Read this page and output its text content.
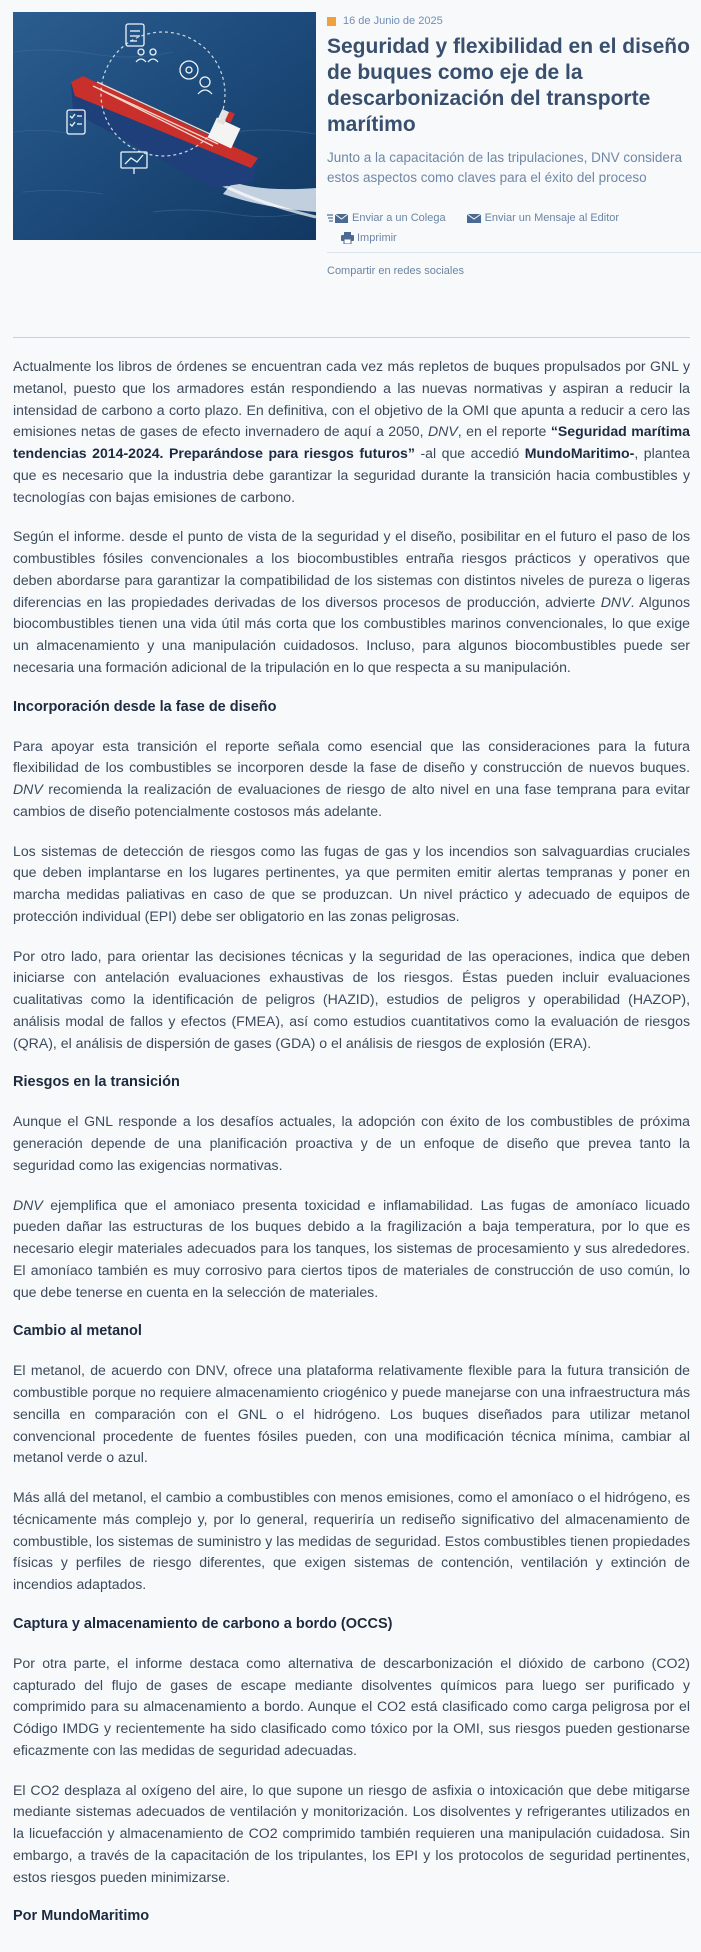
16 de Junio de 2025
Seguridad y flexibilidad en el diseño de buques como eje de la descarbonización del transporte marítimo

Junto a la capacitación de las tripulaciones, DNV considera estos aspectos como claves para el éxito del proceso

Enviar a un Colega	Enviar un Mensaje al Editor
Imprimir
Compartir en redes sociales

Actualmente los libros de órdenes se encuentran cada vez más repletos de buques propulsados por GNL y metanol, puesto que los armadores están respondiendo a las nuevas normativas y aspiran a reducir la intensidad de carbono a corto plazo. En definitiva, con el objetivo de la OMI que apunta a reducir a cero las emisiones netas de gases de efecto invernadero de aquí a 2050, DNV, en el reporte “Seguridad marítima tendencias 2014-2024. Preparándose para riesgos futuros” -al que accedió MundoMaritimo-, plantea que es necesario que la industria debe garantizar la seguridad durante la transición hacia combustibles y tecnologías con bajas emisiones de carbono.

Según el informe. desde el punto de vista de la seguridad y el diseño, posibilitar en el futuro el paso de los combustibles fósiles convencionales a los biocombustibles entraña riesgos prácticos y operativos que deben abordarse para garantizar la compatibilidad de los sistemas con distintos niveles de pureza o ligeras diferencias en las propiedades derivadas de los diversos procesos de producción, advierte DNV. Algunos biocombustibles tienen una vida útil más corta que los combustibles marinos convencionales, lo que exige un almacenamiento y una manipulación cuidadosos. Incluso, para algunos biocombustibles puede ser necesaria una formación adicional de la tripulación en lo que respecta a su manipulación.

Incorporación desde la fase de diseño

Para apoyar esta transición el reporte señala como esencial que las consideraciones para la futura flexibilidad de los combustibles se incorporen desde la fase de diseño y construcción de nuevos buques. DNV recomienda la realización de evaluaciones de riesgo de alto nivel en una fase temprana para evitar cambios de diseño potencialmente costosos más adelante.

Los sistemas de detección de riesgos como las fugas de gas y los incendios son salvaguardias cruciales que deben implantarse en los lugares pertinentes, ya que permiten emitir alertas tempranas y poner en marcha medidas paliativas en caso de que se produzcan. Un nivel práctico y adecuado de equipos de protección individual (EPI) debe ser obligatorio en las zonas peligrosas.

Por otro lado, para orientar las decisiones técnicas y la seguridad de las operaciones, indica que deben iniciarse con antelación evaluaciones exhaustivas de los riesgos. Éstas pueden incluir evaluaciones cualitativas como la identificación de peligros (HAZID), estudios de peligros y operabilidad (HAZOP), análisis modal de fallos y efectos (FMEA), así como estudios cuantitativos como la evaluación de riesgos (QRA), el análisis de dispersión de gases (GDA) o el análisis de riesgos de explosión (ERA).

Riesgos en la transición

Aunque el GNL responde a los desafíos actuales, la adopción con éxito de los combustibles de próxima generación depende de una planificación proactiva y de un enfoque de diseño que prevea tanto la seguridad como las exigencias normativas.

DNV ejemplifica que el amoniaco presenta toxicidad e inflamabilidad. Las fugas de amoníaco licuado pueden dañar las estructuras de los buques debido a la fragilización a baja temperatura, por lo que es necesario elegir materiales adecuados para los tanques, los sistemas de procesamiento y sus alrededores. El amoníaco también es muy corrosivo para ciertos tipos de materiales de construcción de uso común, lo que debe tenerse en cuenta en la selección de materiales.

Cambio al metanol

El metanol, de acuerdo con DNV, ofrece una plataforma relativamente flexible para la futura transición de combustible porque no requiere almacenamiento criogénico y puede manejarse con una infraestructura más sencilla en comparación con el GNL o el hidrógeno. Los buques diseñados para utilizar metanol convencional procedente de fuentes fósiles pueden, con una modificación técnica mínima, cambiar al metanol verde o azul.

Más allá del metanol, el cambio a combustibles con menos emisiones, como el amoníaco o el hidrógeno, es técnicamente más complejo y, por lo general, requeriría un rediseño significativo del almacenamiento de combustible, los sistemas de suministro y las medidas de seguridad. Estos combustibles tienen propiedades físicas y perfiles de riesgo diferentes, que exigen sistemas de contención, ventilación y extinción de incendios adaptados.

Captura y almacenamiento de carbono a bordo (OCCS)

Por otra parte, el informe destaca como alternativa de descarbonización el dióxido de carbono (CO2) capturado del flujo de gases de escape mediante disolventes químicos para luego ser purificado y comprimido para su almacenamiento a bordo. Aunque el CO2 está clasificado como carga peligrosa por el Código IMDG y recientemente ha sido clasificado como tóxico por la OMI, sus riesgos pueden gestionarse eficazmente con las medidas de seguridad adecuadas.

El CO2 desplaza al oxígeno del aire, lo que supone un riesgo de asfixia o intoxicación que debe mitigarse mediante sistemas adecuados de ventilación y monitorización. Los disolventes y refrigerantes utilizados en la licuefacción y almacenamiento de CO2 comprimido también requieren una manipulación cuidadosa. Sin embargo, a través de la capacitación de los tripulantes, los EPI y los protocolos de seguridad pertinentes, estos riesgos pueden minimizarse.

Por MundoMaritimo
